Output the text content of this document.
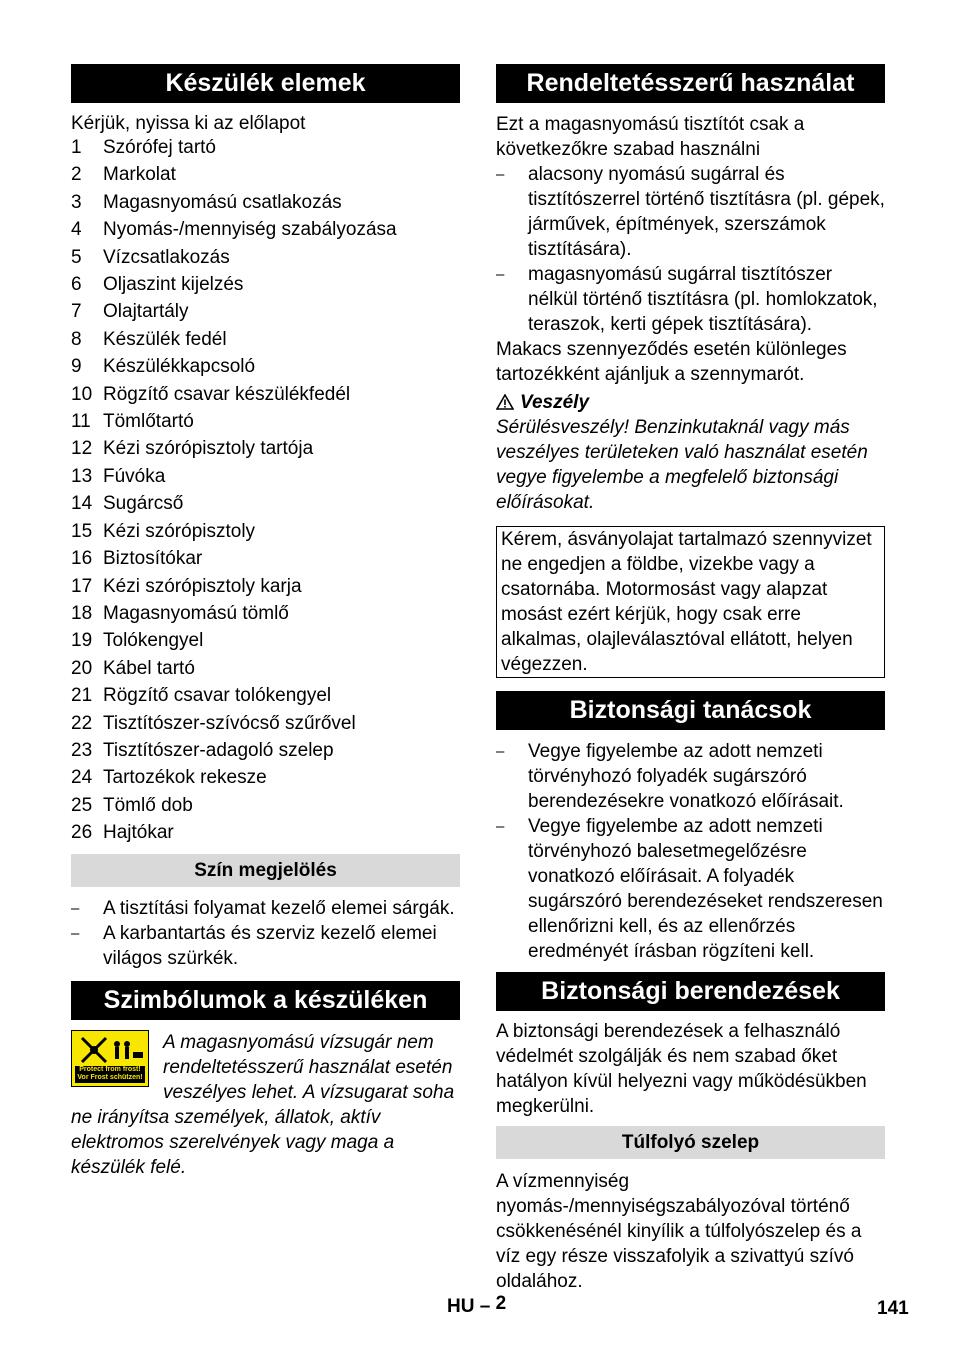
Készülék elemek

Kérjük, nyissa ki az előlapot

1	Szórófej tartó
2	Markolat
3	Magasnyomású csatlakozás
4	Nyomás-/mennyiség szabályozása
5	Vízcsatlakozás
6	Oljaszint kijelzés
7	Olajtartály
8	Készülék fedél
9	Készülékkapcsoló
10 Rögzítő csavar készülékfedél
11 Tömlőtartó
12 Kézi szórópisztoly tartója
13 Fúvóka
14 Sugárcső
15 Kézi szórópisztoly
16 Biztosítókar
17 Kézi szórópisztoly karja
18 Magasnyomású tömlő
19 Tolókengyel
20 Kábel tartó
21 Rögzítő csavar tolókengyel
22 Tisztítószer-szívócső szűrővel
23 Tisztítószer-adagoló szelep
24 Tartozékok rekesze
25 Tömlő dob
26 Hajtókar
Szín megjelölés
– A tisztítási folyamat kezelő elemei sárgák.
– A karbantartás és szerviz kezelő elemei világos szürkék.
Szimbólumok a készüléken
Protect from frost! Vor Frost schützen!

A magasnyomású vízsugár nem rendeltetésszerű használat esetén veszélyes lehet. A vízsugarat soha ne irányítsa személyek, állatok, aktív elektromos szerelvények vagy maga a készülék felé.

Rendeltetésszerű használat

Ezt a magasnyomású tisztítót csak a következőkre szabad használni

– alacsony nyomású sugárral és tisztítószerrel történő tisztításra (pl. gépek, járművek, építmények, szerszámok tisztítására).
– magasnyomású sugárral tisztítószer nélkül történő tisztításra (pl. homlokzatok, teraszok, kerti gépek tisztítására).

Makacs szennyeződés esetén különleges tartozékként ajánljuk a szennymarót.

Veszély

Sérülésveszély! Benzinkutaknál vagy más veszélyes területeken való használat esetén vegye figyelembe a megfelelő biztonsági előírásokat.

Kérem, ásványolajat tartalmazó szennyvizet ne engedjen a földbe, vizekbe vagy a csatornába. Motormosást vagy alapzat mosást ezért kérjük, hogy csak erre alkalmas, olajleválasztóval ellátott, helyen végezzen.
Biztonsági tanácsok
– Vegye figyelembe az adott nemzeti törvényhozó folyadék sugárszóró berendezésekre vonatkozó előírásait.
– Vegye figyelembe az adott nemzeti törvényhozó balesetmegelőzésre vonatkozó előírásait. A folyadék sugárszóró berendezéseket rendszeresen ellenőrizni kell, és az ellenőrzés eredményét írásban rögzíteni kell.
Biztonsági berendezések

A biztonsági berendezések a felhasználó védelmét szolgálják és nem szabad őket hatályon kívül helyezni vagy működésükben megkerülni.

Túlfolyó szelep

A vízmennyiség nyomás-/mennyiségszabályozóval történő csökkenésénél kinyílik a túlfolyószelep és a víz egy része visszafolyik a szivattyú szívó oldalához.

HU – 2	141
